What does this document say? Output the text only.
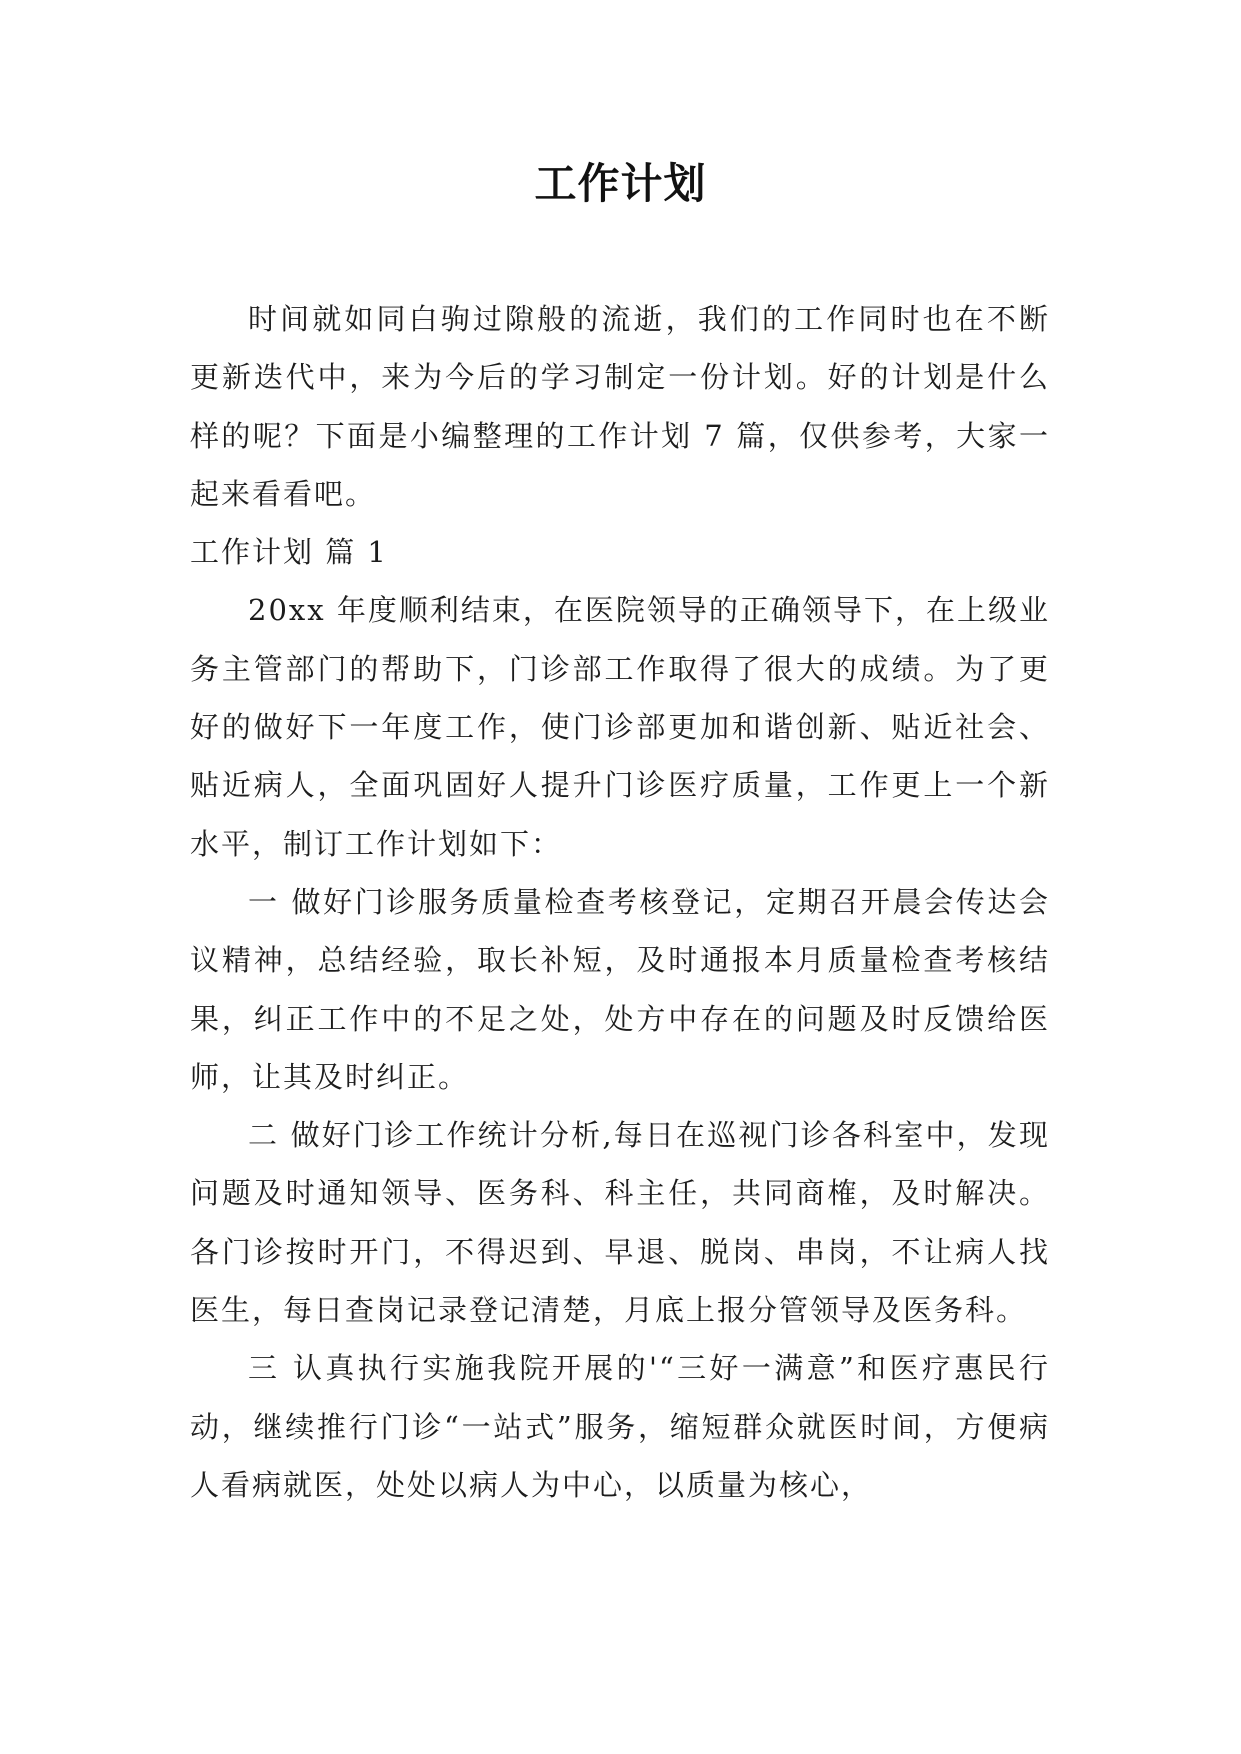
工作计划

时间就如同白驹过隙般的流逝，我们的工作同时也在不断更新迭代中，来为今后的学习制定一份计划。好的计划是什么样的呢？下面是小编整理的工作计划 7 篇，仅供参考，大家一起来看看吧。

工作计划 篇 1

20xx 年度顺利结束，在医院领导的正确领导下，在上级业务主管部门的帮助下，门诊部工作取得了很大的成绩。为了更好的做好下一年度工作，使门诊部更加和谐创新、贴近社会、贴近病人，全面巩固好人提升门诊医疗质量，工作更上一个新水平，制订工作计划如下：

一 做好门诊服务质量检查考核登记，定期召开晨会传达会议精神，总结经验，取长补短，及时通报本月质量检查考核结果，纠正工作中的不足之处，处方中存在的问题及时反馈给医师，让其及时纠正。

二 做好门诊工作统计分析,每日在巡视门诊各科室中，发现问题及时通知领导、医务科、科主任，共同商榷，及时解决。各门诊按时开门，不得迟到、早退、脱岗、串岗，不让病人找医生，每日查岗记录登记清楚，月底上报分管领导及医务科。

三 认真执行实施我院开展的'“三好一满意”和医疗惠民行动，继续推行门诊“一站式”服务，缩短群众就医时间，方便病人看病就医，处处以病人为中心，以质量为核心，
